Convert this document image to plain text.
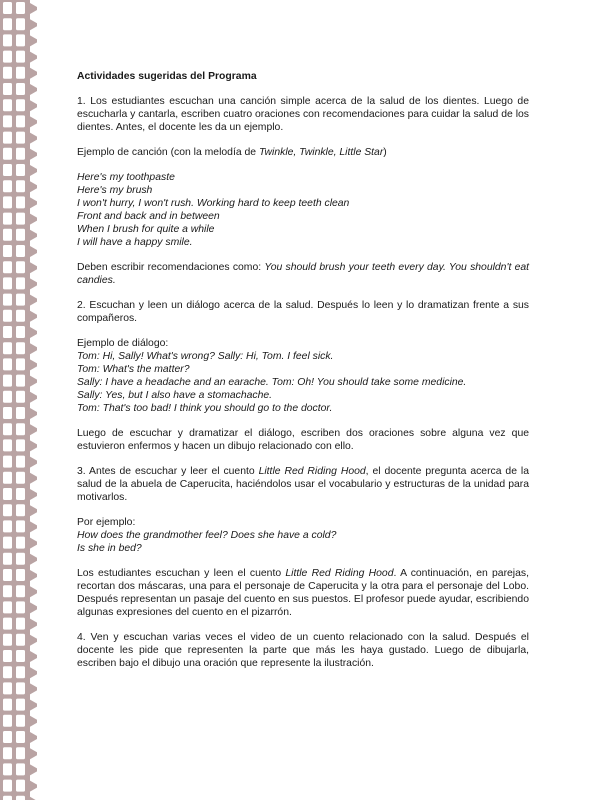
Actividades sugeridas del Programa

1. Los estudiantes escuchan una canción simple acerca de la salud de los dientes. Luego de escucharla y cantarla, escriben cuatro oraciones con recomendaciones para cuidar la salud de los dientes. Antes, el docente les da un ejemplo.

Ejemplo de canción (con la melodía de Twinkle, Twinkle, Little Star)

Here's my toothpaste
Here's my brush
I won't hurry, I won't rush. Working hard to keep teeth clean
Front and back and in between
When I brush for quite a while
I will have a happy smile.

Deben escribir recomendaciones como: You should brush your teeth every day. You shouldn't eat candies.

2. Escuchan y leen un diálogo acerca de la salud. Después lo leen y lo dramatizan frente a sus compañeros.

Ejemplo de diálogo:
Tom: Hi, Sally! What's wrong? Sally: Hi, Tom. I feel sick.
Tom: What's the matter?
Sally: I have a headache and an earache. Tom: Oh! You should take some medicine.
Sally: Yes, but I also have a stomachache.
Tom: That's too bad! I think you should go to the doctor.

Luego de escuchar y dramatizar el diálogo, escriben dos oraciones sobre alguna vez que estuvieron enfermos y hacen un dibujo relacionado con ello.

3. Antes de escuchar y leer el cuento Little Red Riding Hood, el docente pregunta acerca de la salud de la abuela de Caperucita, haciéndolos usar el vocabulario y estructuras de la unidad para motivarlos.

Por ejemplo:
How does the grandmother feel? Does she have a cold?
Is she in bed?

Los estudiantes escuchan y leen el cuento Little Red Riding Hood. A continuación, en parejas, recortan dos máscaras, una para el personaje de Caperucita y la otra para el personaje del Lobo. Después representan un pasaje del cuento en sus puestos. El profesor puede ayudar, escribiendo algunas expresiones del cuento en el pizarrón.

4. Ven y escuchan varias veces el video de un cuento relacionado con la salud. Después el docente les pide que representen la parte que más les haya gustado. Luego de dibujarla, escriben bajo el dibujo una oración que represente la ilustración.
